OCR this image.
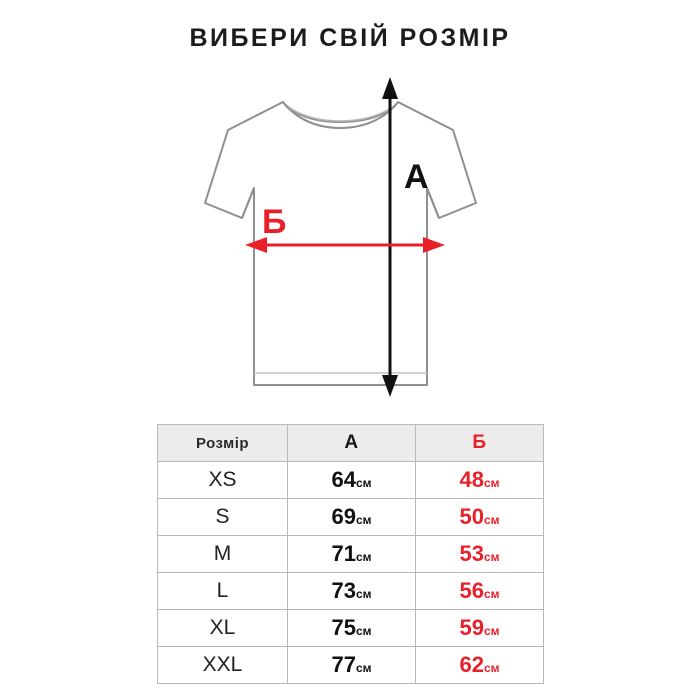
ВИБЕРИ СВІЙ РОЗМІР
А
Б
Розмір	А	Б
XS	64см	48см
S	69см	50см
M	71см	53см
L	73см	56см
XL	75см	59см
XXL	77см	62см
